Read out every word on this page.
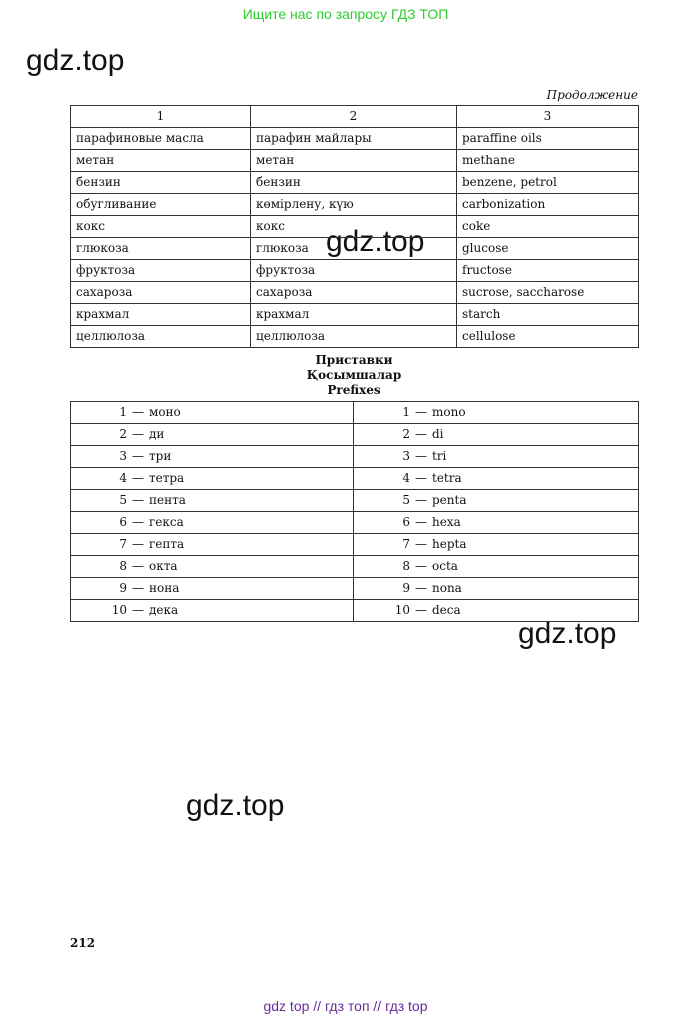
Ищите нас по запросу ГДЗ ТОП
gdz.top
gdz.top
gdz.top
gdz.top
Продолжение
1	2	3
парафиновые масла	парафин майлары	paraffine oils
метан	метан	methane
бензин	бензин	benzene, petrol
обугливание	көмірлену, күю	carbonization
кокс	кокс	coke
глюкоза	глюкоза	glucose
фруктоза	фруктоза	fructose
сахароза	сахароза	sucrose, saccharose
крахмал	крахмал	starch
целлюлоза	целлюлоза	cellulose
Приставки
Қосымшалар
Prefixes
1 — моно	1 — mono
2 — ди	2 — di
3 — три	3 — tri
4 — тетра	4 — tetra
5 — пента	5 — penta
6 — гекса	6 — hexa
7 — гепта	7 — hepta
8 — окта	8 — octa
9 — нона	9 — nona
10 — дека	10 — deca
212
gdz top // гдз топ // гдз top
